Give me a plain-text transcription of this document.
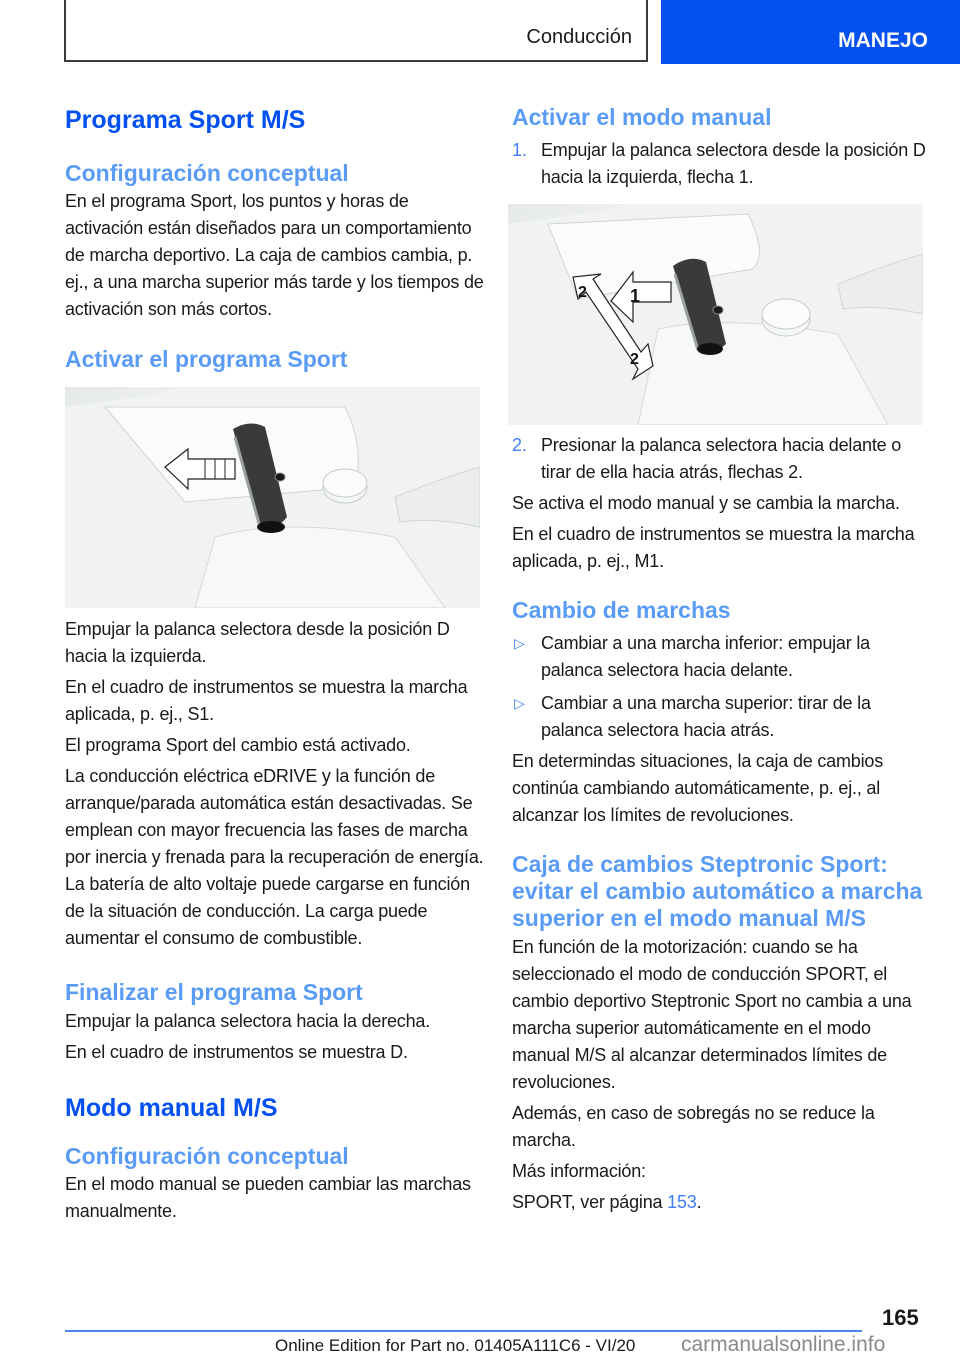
Conducción	MANEJO
Programa Sport M/S
Configuración conceptual

En el programa Sport, los puntos y horas de activación están diseñados para un comportamiento de marcha deportivo. La caja de cambios cambia, p. ej., a una marcha superior más tarde y los tiempos de activación son más cortos.

Activar el programa Sport

Empujar la palanca selectora desde la posición D hacia la izquierda.

En el cuadro de instrumentos se muestra la marcha aplicada, p. ej., S1.

El programa Sport del cambio está activado.

La conducción eléctrica eDRIVE y la función de arranque/parada automática están desactivadas. Se emplean con mayor frecuencia las fases de marcha por inercia y frenada para la recuperación de energía. La batería de alto voltaje puede cargarse en función de la situación de conducción. La carga puede aumentar el consumo de combustible.

Finalizar el programa Sport

Empujar la palanca selectora hacia la derecha.

En el cuadro de instrumentos se muestra D.

Modo manual M/S
Configuración conceptual

En el modo manual se pueden cambiar las marchas manualmente.

Activar el modo manual
1. Empujar la palanca selectora desde la posición D hacia la izquierda, flecha 1.

1
2
2
2. Presionar la palanca selectora hacia delante o tirar de ella hacia atrás, flechas 2.

Se activa el modo manual y se cambia la marcha.

En el cuadro de instrumentos se muestra la marcha aplicada, p. ej., M1.

Cambio de marchas
▷ Cambiar a una marcha inferior: empujar la palanca selectora hacia delante.

▷ Cambiar a una marcha superior: tirar de la palanca selectora hacia atrás.

En determindas situaciones, la caja de cambios continúa cambiando automáticamente, p. ej., al alcanzar los límites de revoluciones.

Caja de cambios Steptronic Sport: evitar el cambio automático a marcha superior en el modo manual M/S

En función de la motorización: cuando se ha seleccionado el modo de conducción SPORT, el cambio deportivo Steptronic Sport no cambia a una marcha superior automáticamente en el modo manual M/S al alcanzar determinados límites de revoluciones.

Además, en caso de sobregás no se reduce la marcha.

Más información:

SPORT, ver página 153.

165
Online Edition for Part no. 01405A111C6 - VI/20 carmanualsonline.info
